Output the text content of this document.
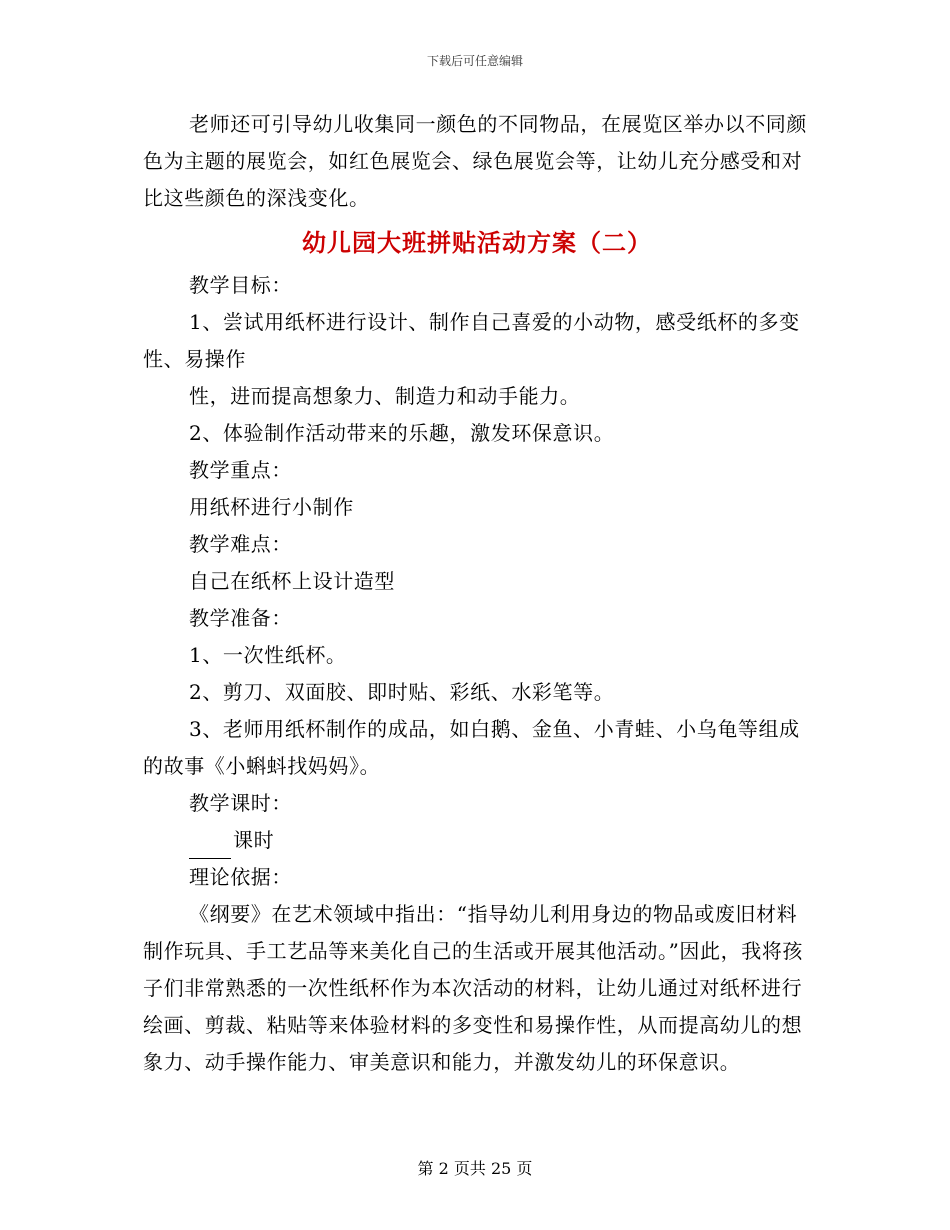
下载后可任意编辑

老师还可引导幼儿收集同一颜色的不同物品，在展览区举办以不同颜色为主题的展览会，如红色展览会、绿色展览会等，让幼儿充分感受和对比这些颜色的深浅变化。

幼儿园大班拼贴活动方案（二）

教学目标：

1、尝试用纸杯进行设计、制作自己喜爱的小动物，感受纸杯的多变性、易操作

性，进而提高想象力、制造力和动手能力。

2、体验制作活动带来的乐趣，激发环保意识。

教学重点：

用纸杯进行小制作

教学难点：

自己在纸杯上设计造型

教学准备：

1、一次性纸杯。

2、剪刀、双面胶、即时贴、彩纸、水彩笔等。

3、老师用纸杯制作的成品，如白鹅、金鱼、小青蛙、小乌龟等组成的故事《小蝌蚪找妈妈》。

教学课时：

课时

理论依据：

《纲要》在艺术领域中指出：“指导幼儿利用身边的物品或废旧材料制作玩具、手工艺品等来美化自己的生活或开展其他活动。”因此，我将孩子们非常熟悉的一次性纸杯作为本次活动的材料，让幼儿通过对纸杯进行绘画、剪裁、粘贴等来体验材料的多变性和易操作性，从而提高幼儿的想象力、动手操作能力、审美意识和能力，并激发幼儿的环保意识。

第 2 页共 25 页
